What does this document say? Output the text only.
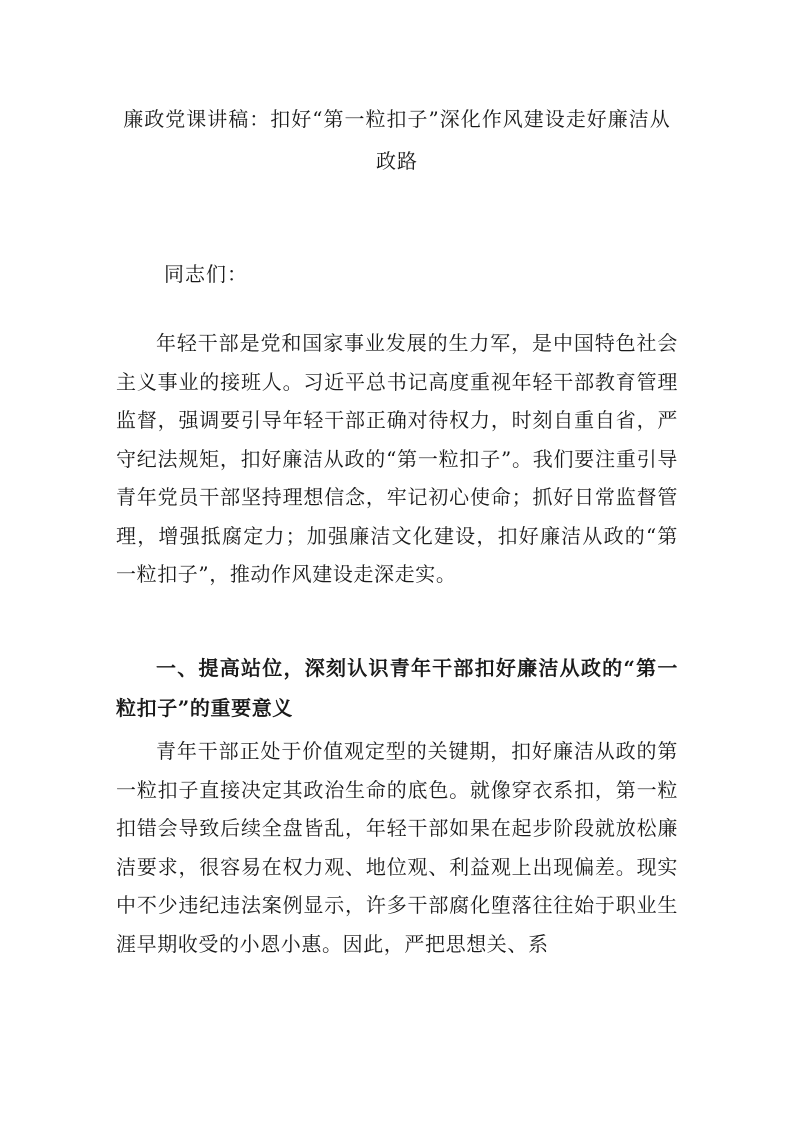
廉政党课讲稿：扣好“第一粒扣子”深化作风建设走好廉洁从政路
同志们：

年轻干部是党和国家事业发展的生力军，是中国特色社会主义事业的接班人。习近平总书记高度重视年轻干部教育管理监督，强调要引导年轻干部正确对待权力，时刻自重自省，严守纪法规矩，扣好廉洁从政的“第一粒扣子”。我们要注重引导青年党员干部坚持理想信念，牢记初心使命；抓好日常监督管理，增强抵腐定力；加强廉洁文化建设，扣好廉洁从政的“第一粒扣子”，推动作风建设走深走实。

一、提高站位，深刻认识青年干部扣好廉洁从政的“第一粒扣子”的重要意义

青年干部正处于价值观定型的关键期，扣好廉洁从政的第一粒扣子直接决定其政治生命的底色。就像穿衣系扣，第一粒扣错会导致后续全盘皆乱，年轻干部如果在起步阶段就放松廉洁要求，很容易在权力观、地位观、利益观上出现偏差。现实中不少违纪违法案例显示，许多干部腐化堕落往往始于职业生涯早期收受的小恩小惠。因此，严把思想关、系
